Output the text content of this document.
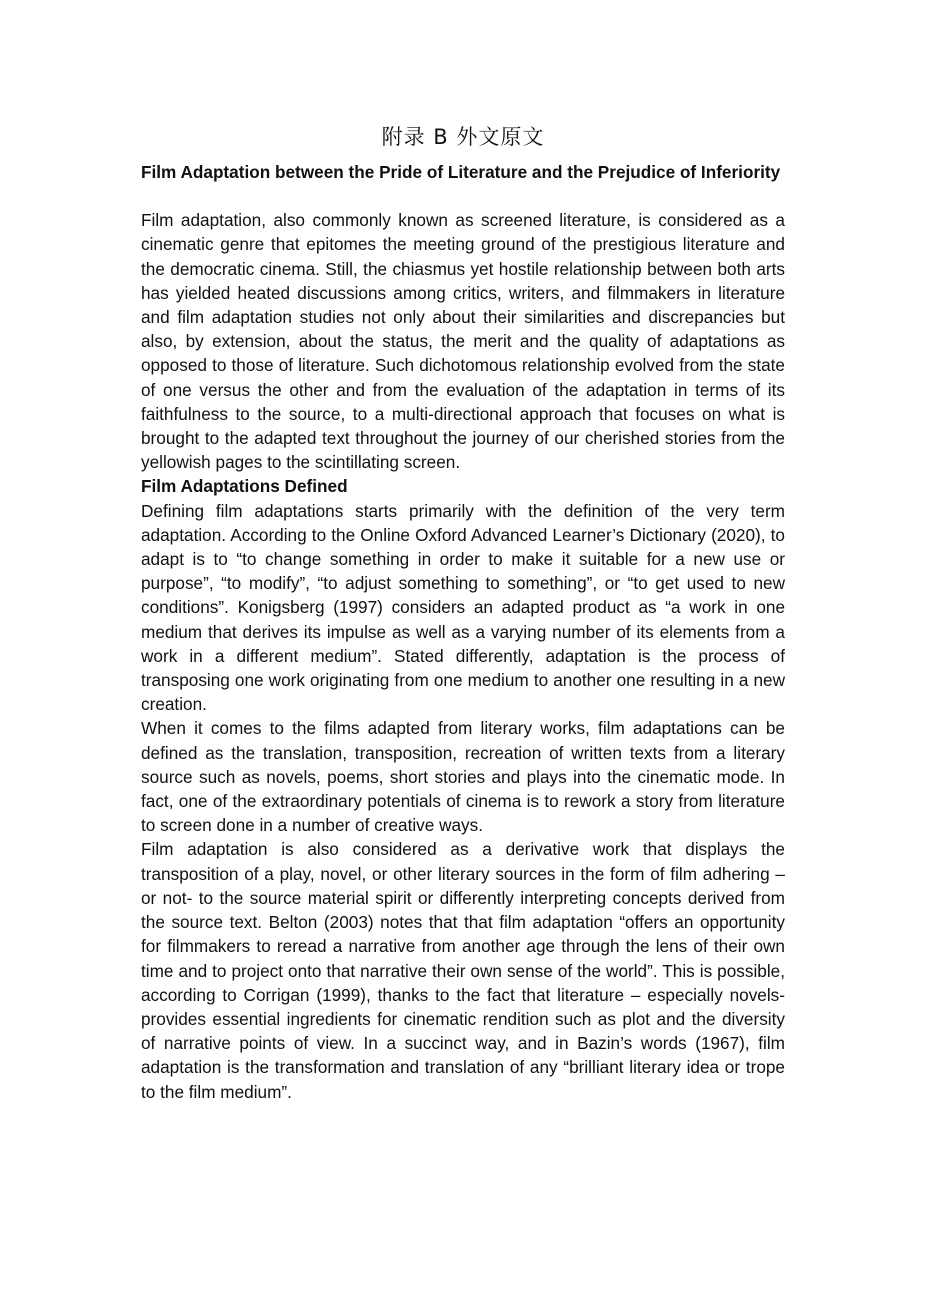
附录 B 外文原文
Film Adaptation between the Pride of Literature and the Prejudice of Inferiority

Film adaptation, also commonly known as screened literature, is considered as a cinematic genre that epitomes the meeting ground of the prestigious literature and the democratic cinema. Still, the chiasmus yet hostile relationship between both arts has yielded heated discussions among critics, writers, and filmmakers in literature and film adaptation studies not only about their similarities and discrepancies but also, by extension, about the status, the merit and the quality of adaptations as opposed to those of literature. Such dichotomous relationship evolved from the state of one versus the other and from the evaluation of the adaptation in terms of its faithfulness to the source, to a multi-directional approach that focuses on what is brought to the adapted text throughout the journey of our cherished stories from the yellowish pages to the scintillating screen.

Film Adaptations Defined

Defining film adaptations starts primarily with the definition of the very term adaptation. According to the Online Oxford Advanced Learner’s Dictionary (2020), to adapt is to “to change something in order to make it suitable for a new use or purpose”, “to modify”, “to adjust something to something”, or “to get used to new conditions”. Konigsberg (1997) considers an adapted product as “a work in one medium that derives its impulse as well as a varying number of its elements from a work in a different medium”. Stated differently, adaptation is the process of transposing one work originating from one medium to another one resulting in a new creation.

When it comes to the films adapted from literary works, film adaptations can be defined as the translation, transposition, recreation of written texts from a literary source such as novels, poems, short stories and plays into the cinematic mode. In fact, one of the extraordinary potentials of cinema is to rework a story from literature to screen done in a number of creative ways.

Film adaptation is also considered as a derivative work that displays the transposition of a play, novel, or other literary sources in the form of film adhering –or not- to the source material spirit or differently interpreting concepts derived from the source text. Belton (2003) notes that that film adaptation “offers an opportunity for filmmakers to reread a narrative from another age through the lens of their own time and to project onto that narrative their own sense of the world”. This is possible, according to Corrigan (1999), thanks to the fact that literature – especially novels- provides essential ingredients for cinematic rendition such as plot and the diversity of narrative points of view. In a succinct way, and in Bazin’s words (1967), film adaptation is the transformation and translation of any “brilliant literary idea or trope to the film medium”.
